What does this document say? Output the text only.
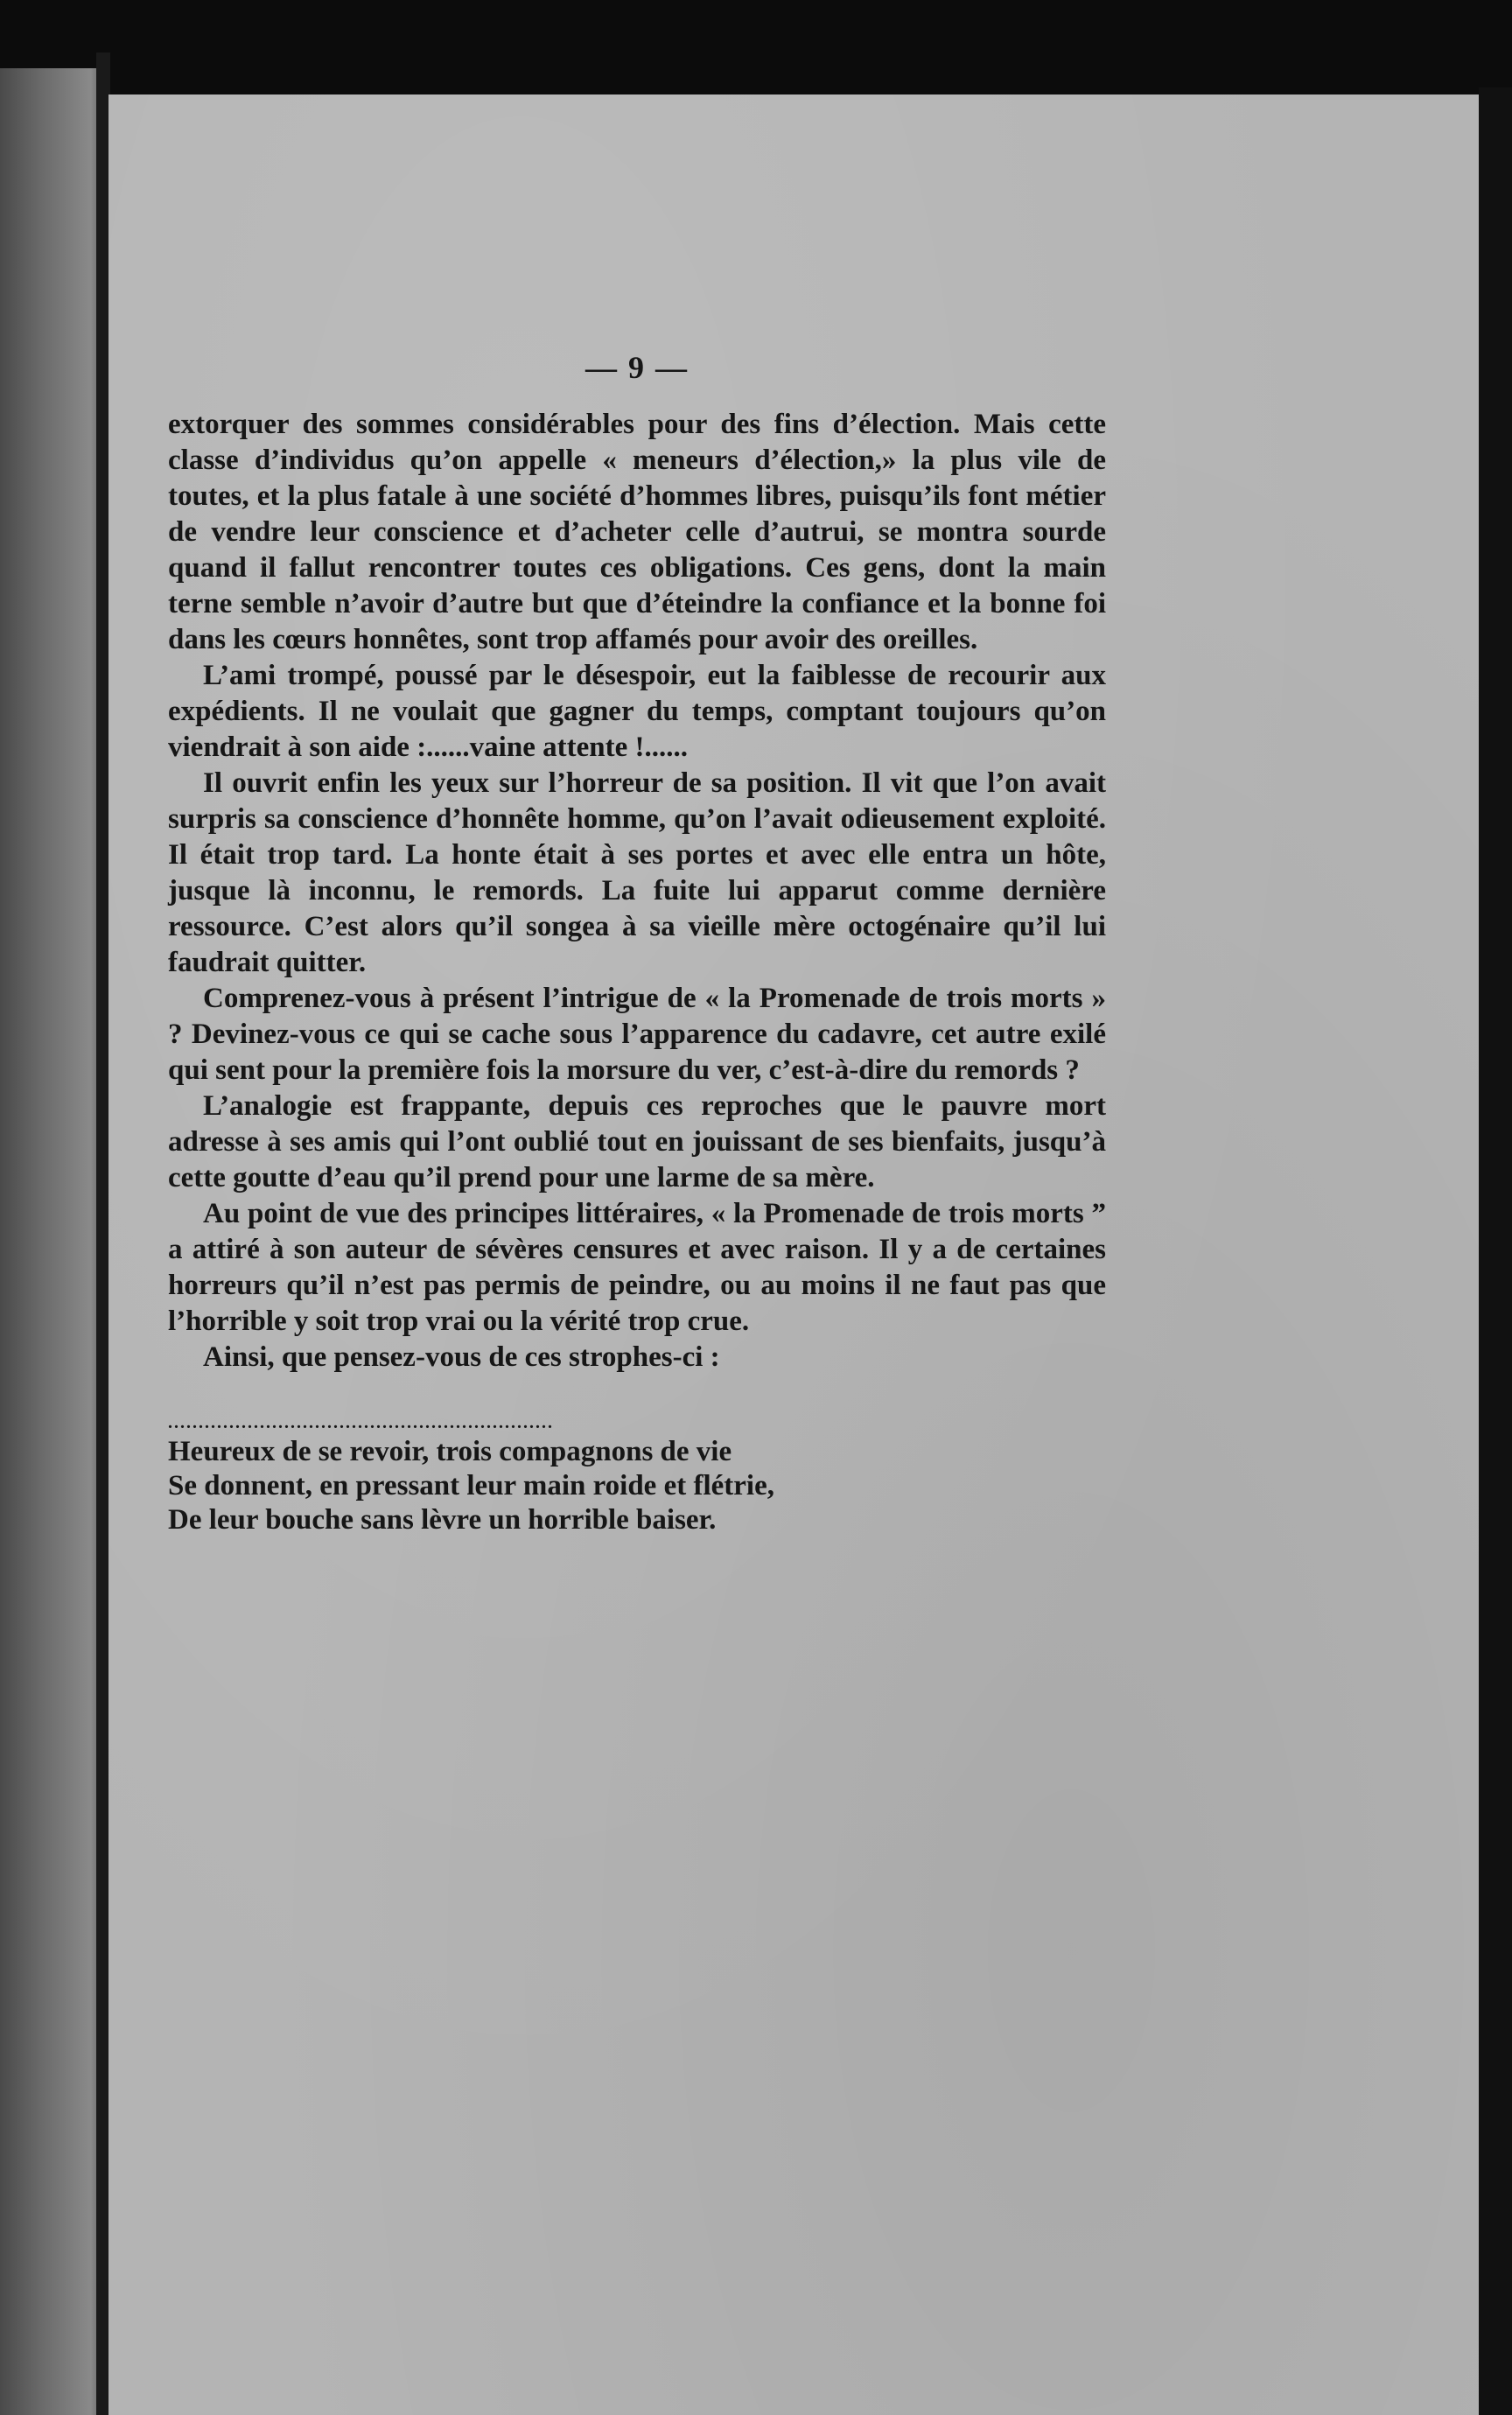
— 9 —

extorquer des sommes considérables pour des fins d’élection. Mais cette classe d’individus qu’on appelle « meneurs d’élection,» la plus vile de toutes, et la plus fatale à une société d’hommes libres, puisqu’ils font métier de vendre leur conscience et d’acheter celle d’autrui, se montra sourde quand il fallut rencontrer toutes ces obligations. Ces gens, dont la main terne semble n’avoir d’autre but que d’éteindre la confiance et la bonne foi dans les cœurs honnêtes, sont trop affamés pour avoir des oreilles.

L’ami trompé, poussé par le désespoir, eut la faiblesse de recourir aux expédients. Il ne voulait que gagner du temps, comptant toujours qu’on viendrait à son aide :......vaine attente !......

Il ouvrit enfin les yeux sur l’horreur de sa position. Il vit que l’on avait surpris sa conscience d’honnête homme, qu’on l’avait odieusement exploité. Il était trop tard. La honte était à ses portes et avec elle entra un hôte, jusque là inconnu, le remords. La fuite lui apparut comme dernière ressource. C’est alors qu’il songea à sa vieille mère octogénaire qu’il lui faudrait quitter.

Comprenez-vous à présent l’intrigue de « la Promenade de trois morts » ? Devinez-vous ce qui se cache sous l’apparence du cadavre, cet autre exilé qui sent pour la première fois la morsure du ver, c’est-à-dire du remords ?

L’analogie est frappante, depuis ces reproches que le pauvre mort adresse à ses amis qui l’ont oublié tout en jouissant de ses bienfaits, jusqu’à cette goutte d’eau qu’il prend pour une larme de sa mère.

Au point de vue des principes littéraires, « la Promenade de trois morts ” a attiré à son auteur de sévères censures et avec raison. Il y a de certaines horreurs qu’il n’est pas permis de peindre, ou au moins il ne faut pas que l’horrible y soit trop vrai ou la vérité trop crue.

Ainsi, que pensez-vous de ces strophes-ci :

...............................................................

Heureux de se revoir, trois compagnons de vie

Se donnent, en pressant leur main roide et flétrie,

De leur bouche sans lèvre un horrible baiser.
